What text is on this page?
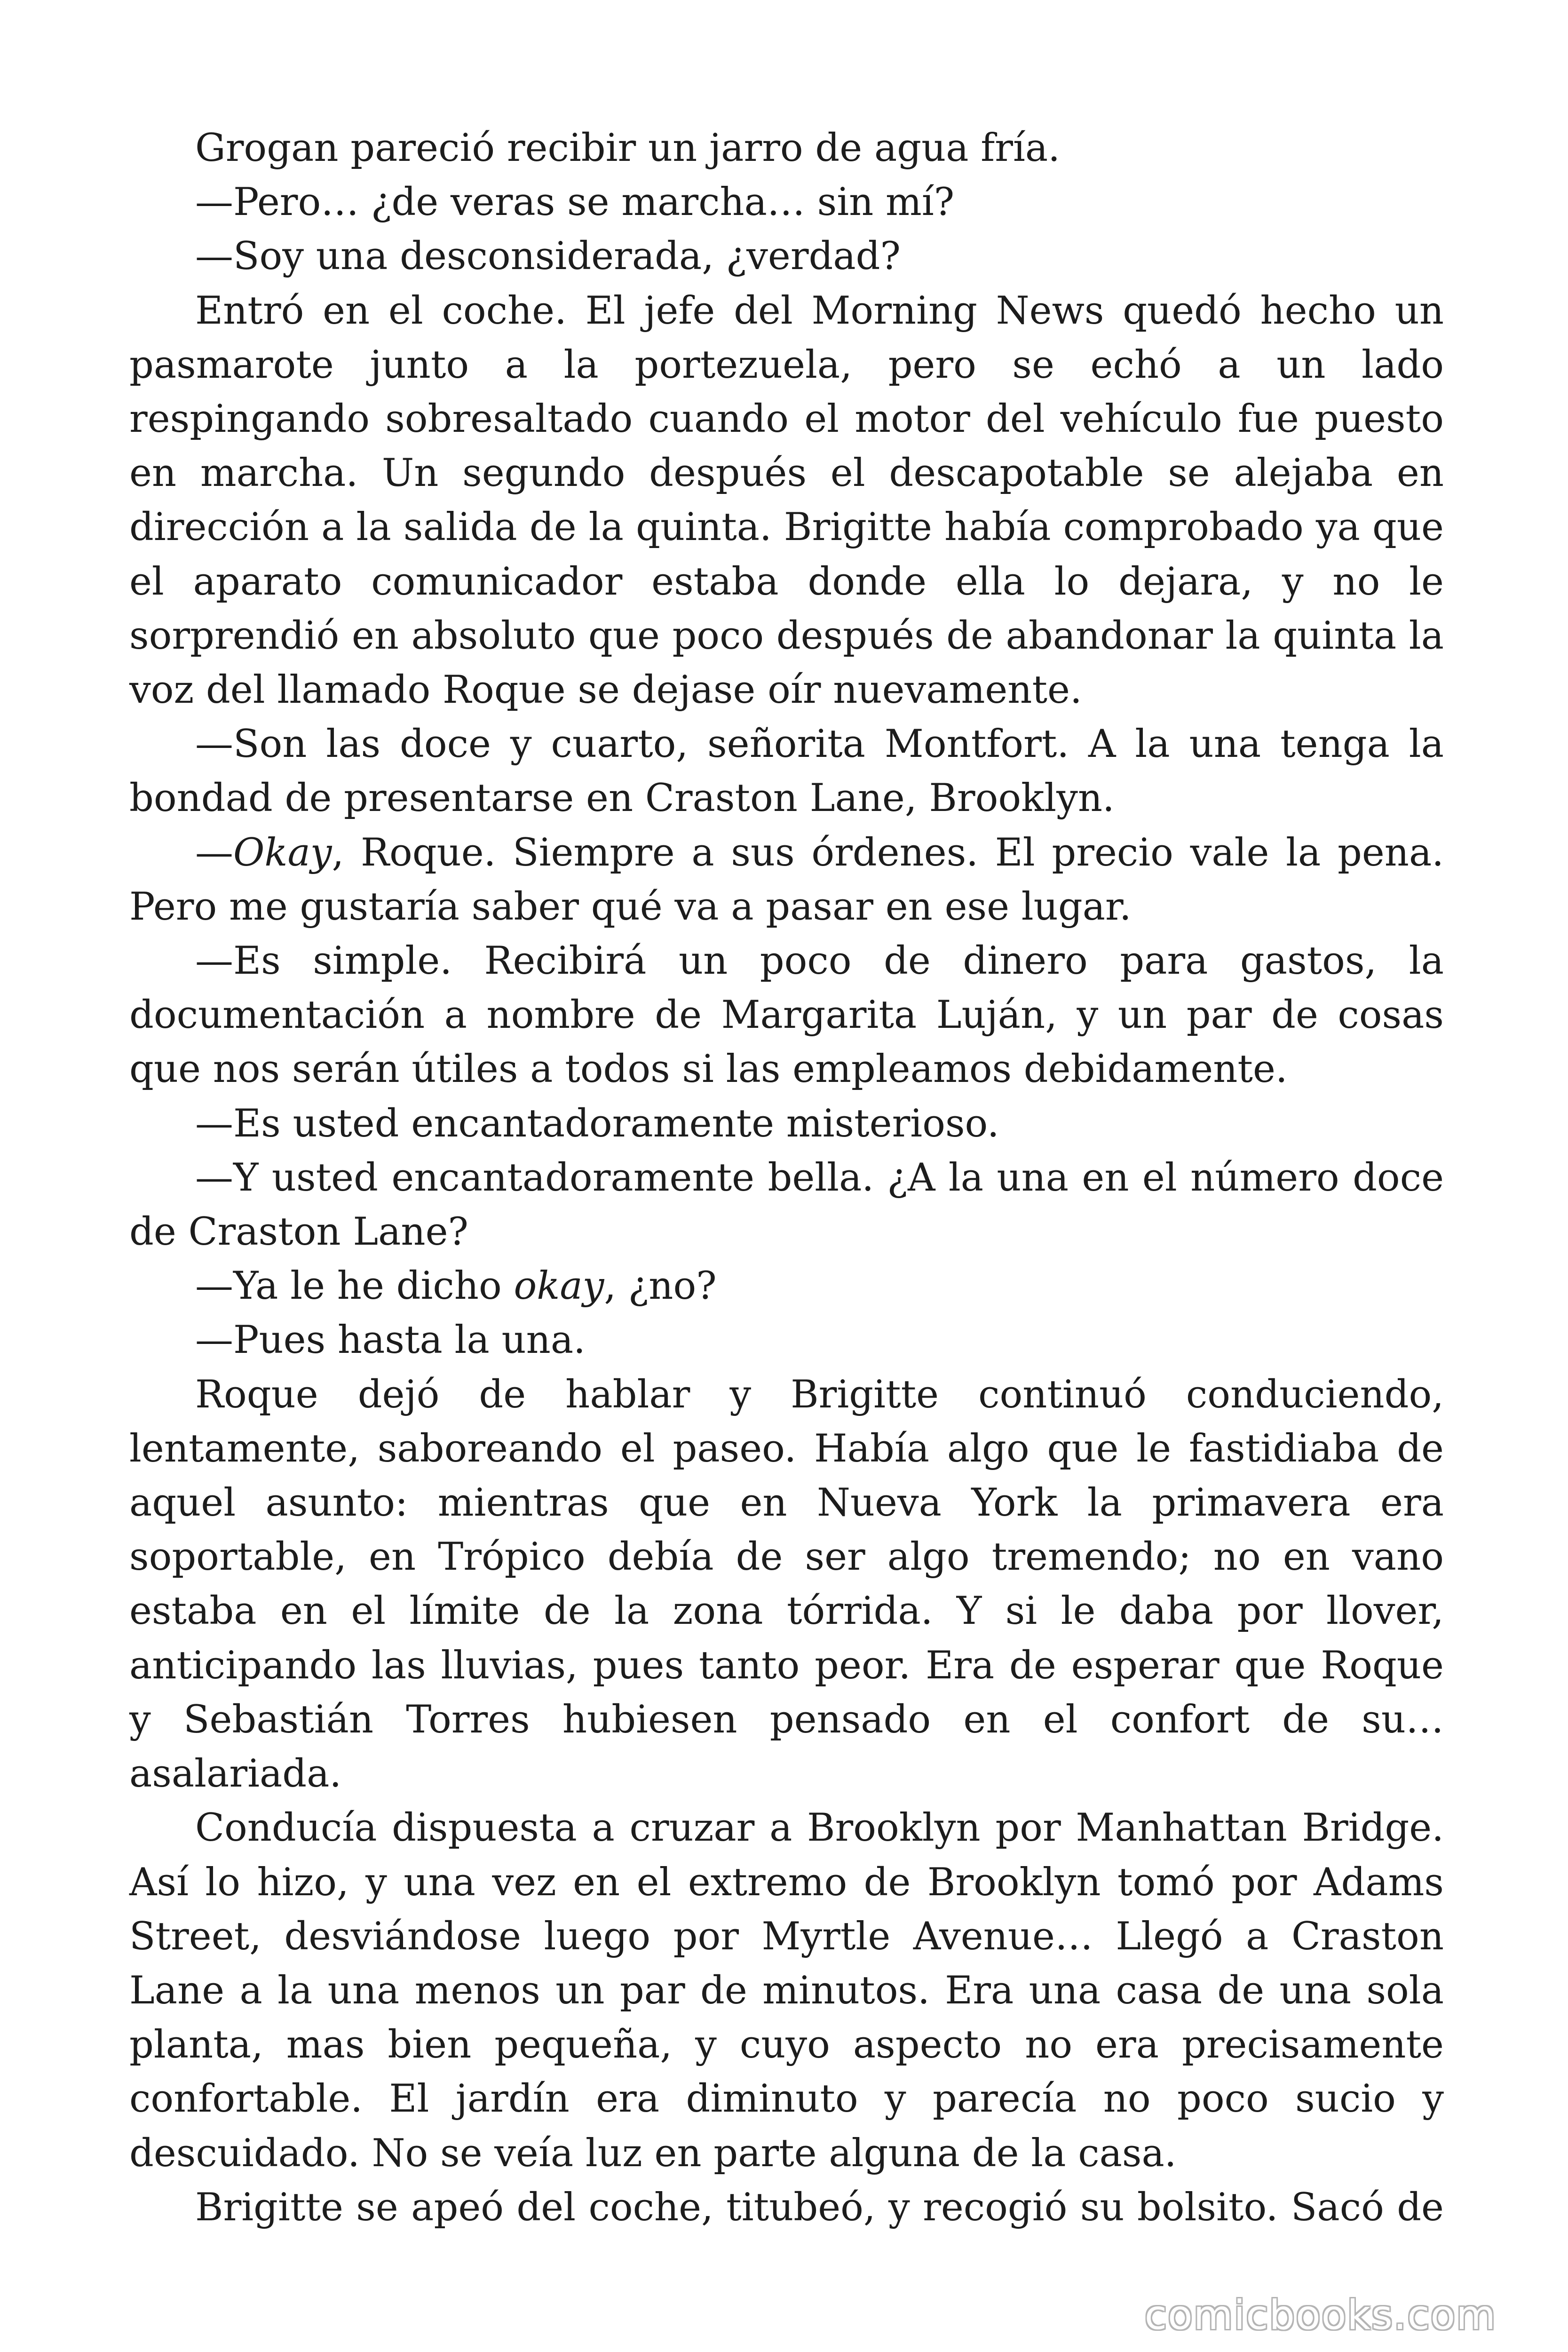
Grogan pareció recibir un jarro de agua fría.

—Pero… ¿de veras se marcha… sin mí?

—Soy una desconsiderada, ¿verdad?

Entró en el coche. El jefe del Morning News quedó hecho un pasmarote junto a la portezuela, pero se echó a un lado respingando sobresaltado cuando el motor del vehículo fue puesto en marcha. Un segundo después el descapotable se alejaba en dirección a la salida de la quinta. Brigitte había comprobado ya que el aparato comunicador estaba donde ella lo dejara, y no le sorprendió en absoluto que poco después de abandonar la quinta la voz del llamado Roque se dejase oír nuevamente.

—Son las doce y cuarto, señorita Montfort. A la una tenga la bondad de presentarse en Craston Lane, Brooklyn.

—Okay, Roque. Siempre a sus órdenes. El precio vale la pena. Pero me gustaría saber qué va a pasar en ese lugar.

—Es simple. Recibirá un poco de dinero para gastos, la documentación a nombre de Margarita Luján, y un par de cosas que nos serán útiles a todos si las empleamos debidamente.

—Es usted encantadoramente misterioso.

—Y usted encantadoramente bella. ¿A la una en el número doce de Craston Lane?

—Ya le he dicho okay, ¿no?

—Pues hasta la una.

Roque dejó de hablar y Brigitte continuó conduciendo, lentamente, saboreando el paseo. Había algo que le fastidiaba de aquel asunto: mientras que en Nueva York la primavera era soportable, en Trópico debía de ser algo tremendo; no en vano estaba en el límite de la zona tórrida. Y si le daba por llover, anticipando las lluvias, pues tanto peor. Era de esperar que Roque y Sebastián Torres hubiesen pensado en el confort de su… asalariada.

Conducía dispuesta a cruzar a Brooklyn por Manhattan Bridge. Así lo hizo, y una vez en el extremo de Brooklyn tomó por Adams Street, desviándose luego por Myrtle Avenue… Llegó a Craston Lane a la una menos un par de minutos. Era una casa de una sola planta, mas bien pequeña, y cuyo aspecto no era precisamente confortable. El jardín era diminuto y parecía no poco sucio y descuidado. No se veía luz en parte alguna de la casa.

Brigitte se apeó del coche, titubeó, y recogió su bolsito. Sacó de

comicbooks.com
